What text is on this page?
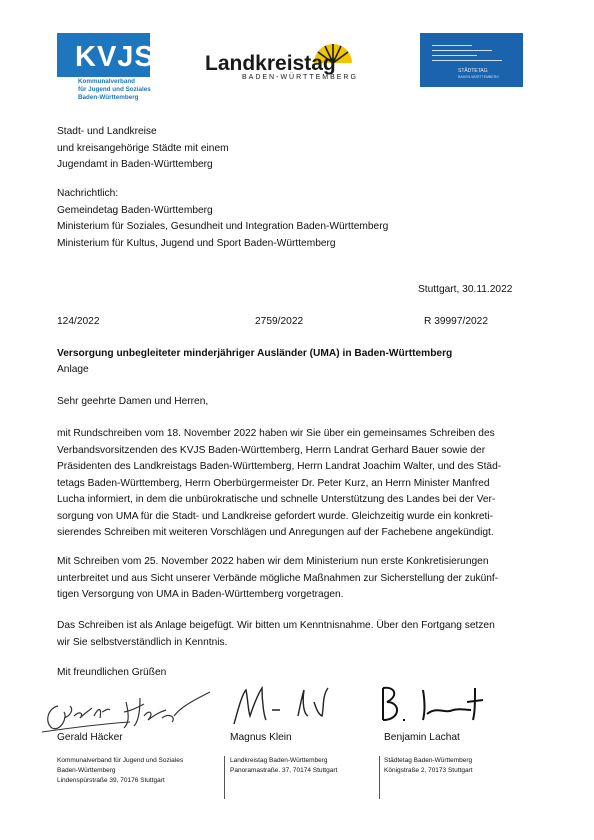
KVJS
Kommunalverband
für Jugend und Soziales
Baden-Württemberg
Landkreistag
BADEN-WÜRTTEMBERG
STÄDTETAG
BADEN-WÜRTTEMBERG
Stadt- und Landkreise
und kreisangehörige Städte mit einem
Jugendamt in Baden-Württemberg
Nachrichtlich:
Gemeindetag Baden-Württemberg
Ministerium für Soziales, Gesundheit und Integration Baden-Württemberg
Ministerium für Kultus, Jugend und Sport Baden-Württemberg
Stuttgart, 30.11.2022
124/2022	2759/2022	R 39997/2022
Versorgung unbegleiteter minderjähriger Ausländer (UMA) in Baden-Württemberg
Anlage
Sehr geehrte Damen und Herren,
mit Rundschreiben vom 18. November 2022 haben wir Sie über ein gemeinsames Schreiben des
Verbandsvorsitzenden des KVJS Baden-Württemberg, Herrn Landrat Gerhard Bauer sowie der
Präsidenten des Landkreistags Baden-Württemberg, Herrn Landrat Joachim Walter, und des Städ-
tetags Baden-Württemberg, Herrn Oberbürgermeister Dr. Peter Kurz, an Herrn Minister Manfred
Lucha informiert, in dem die unbürokratische und schnelle Unterstützung des Landes bei der Ver-
sorgung von UMA für die Stadt- und Landkreise gefordert wurde. Gleichzeitig wurde ein konkreti-
sierendes Schreiben mit weiteren Vorschlägen und Anregungen auf der Fachebene angekündigt.
Mit Schreiben vom 25. November 2022 haben wir dem Ministerium nun erste Konkretisierungen
unterbreitet und aus Sicht unserer Verbände mögliche Maßnahmen zur Sicherstellung der zukünf-
tigen Versorgung von UMA in Baden-Württemberg vorgetragen.
Das Schreiben ist als Anlage beigefügt. Wir bitten um Kenntnisnahme. Über den Fortgang setzen
wir Sie selbstverständlich in Kenntnis.
Mit freundlichen Grüßen
Gerald Häcker	Magnus Klein	Benjamin Lachat
Kommunalverband für Jugend und Soziales
Baden-Württemberg
Lindenspürstraße 39, 70176 Stuttgart
Landkreistag Baden-Württemberg
Panoramastraße. 37, 70174 Stuttgart
Städtetag Baden-Württemberg
Königstraße 2, 70173 Stuttgart
